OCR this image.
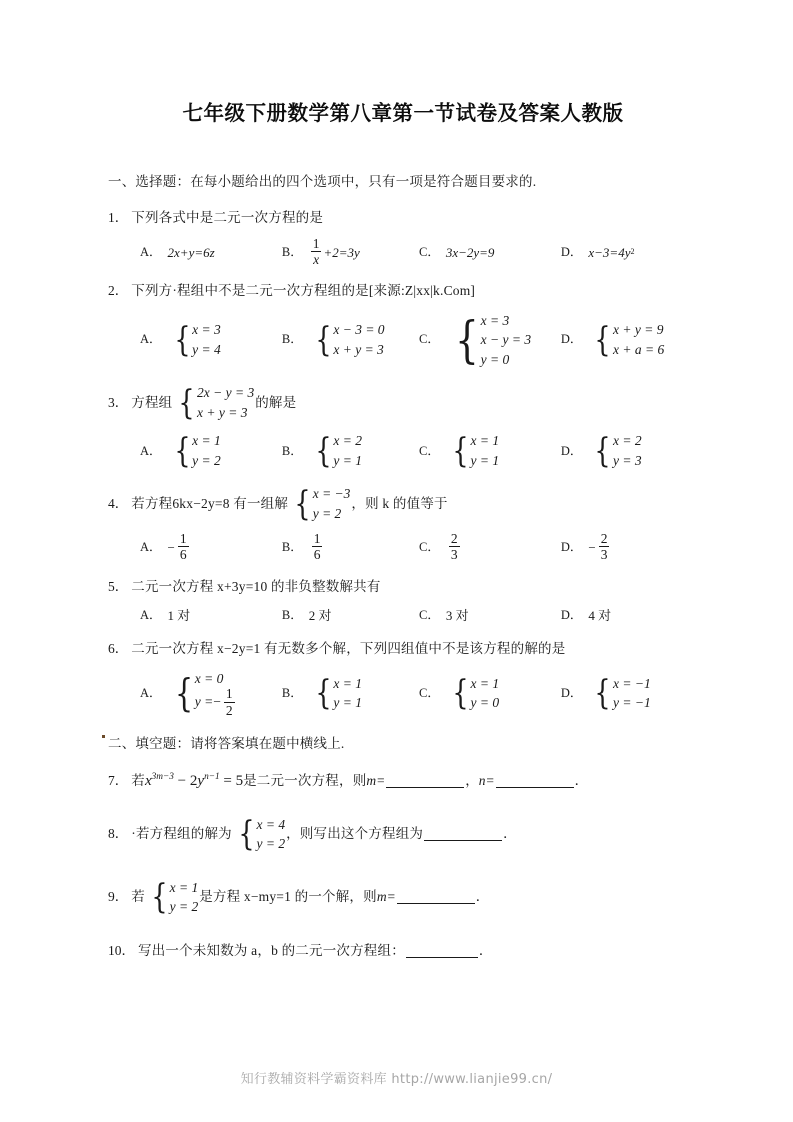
七年级下册数学第八章第一节试卷及答案人教版
一、选择题：在每小题给出的四个选项中，只有一项是符合题目要求的.
1． 下列各式中是二元一次方程的是
A． 2x+y=6z	B． $\frac{1}{x} +2=3y$	C． 3x−2y=9	D． x−3=4y 2
2． 下列方·程组中不是二元一次方程组的是 [来源:Z|xx|k.Com]
A． { x = 3
y = 4
B． { x − 3 = 0
x + y = 3
C． { x = 3
x − y = 3
y = 0
D． { x + y = 9
x + a = 6
3． 方程组 { 2x − y = 3
x + y = 3
的解是
A． { x = 1
y = 2
B． { x = 2
y = 1
C． { x = 1
y = 1
D． { x = 2
y = 3
4． 若方程6kx−2y=8 有一组解 { x = −3
y = 2
，则 k 的值等于
A． − $\frac{1}{6}$	B． $\frac{1}{6}$	C． $\frac{2}{3}$	D． − $\frac{2}{3}$
5． 二元一次方程 x+3y=10 的非负整数解共有
A． 1 对	B． 2 对	C． 3 对	D． 4 对
6． 二元一次方程 x−2y=1 有无数多个解，下列四组值中不是该方程的解的是
A． { x = 0
$y =- \frac{1}{2}$	B． { x = 1
y = 1
C． { x = 1
y = 0
D． { x = −1
y = −1
二、填空题：请将答案填在题中横线上.
7． 若 $x^{3m-3} - 2y^{n-1} = 5$ 是二元一次方程，则 m=	， n=	．
8． ·若方程组的解为 { x = 4
y = 2
，则写出这个方程组为	．
9． 若 { x = 1
y = 2
是方程 x−my=1 的一个解，则 m=	．
10． 写出一个未知数为 a，b 的二元一次方程组：	．
知行教辅资料学霸资料库 http://www.lianjie99.cn/
